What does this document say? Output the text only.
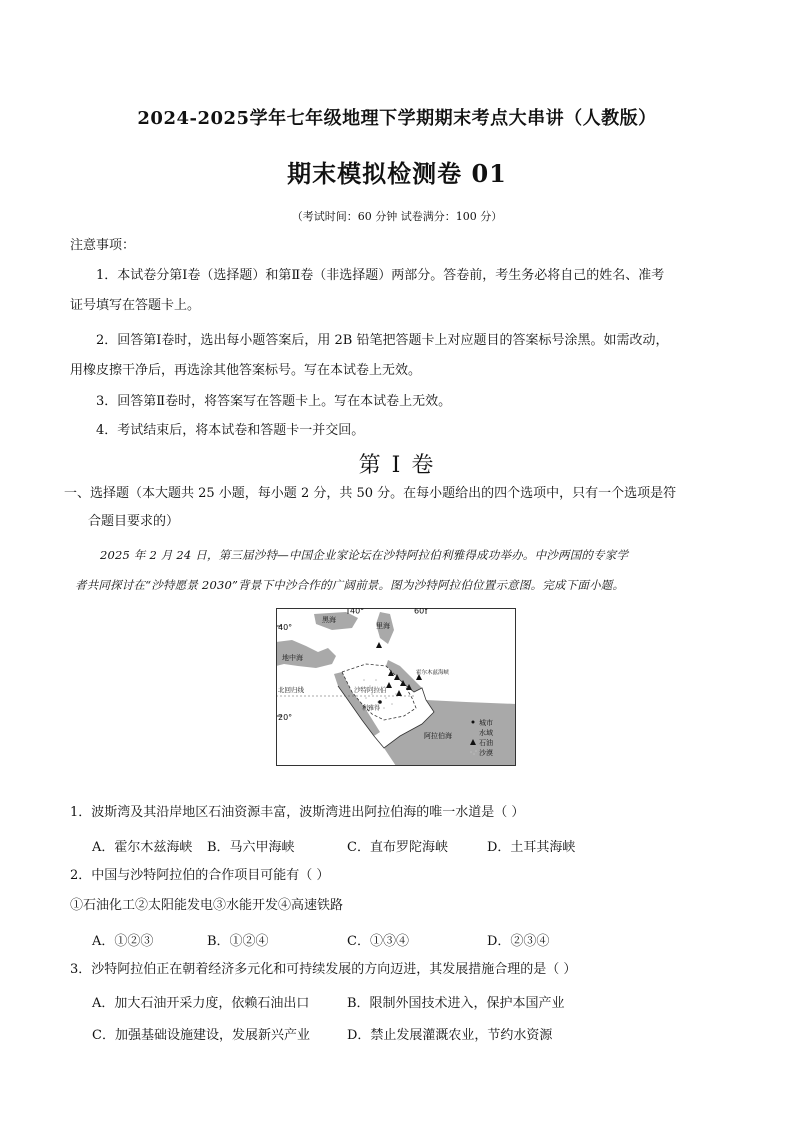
2024-2025学年七年级地理下学期期末考点大串讲（人教版）
期末模拟检测卷 01
（考试时间：60 分钟 试卷满分：100 分）
注意事项：
1．本试卷分第Ⅰ卷（选择题）和第Ⅱ卷（非选择题）两部分。答卷前，考生务必将自己的姓名、准考
证号填写在答题卡上。
2．回答第Ⅰ卷时，选出每小题答案后，用 2B 铅笔把答题卡上对应题目的答案标号涂黑。如需改动，
用橡皮擦干净后，再选涂其他答案标号。写在本试卷上无效。
3．回答第Ⅱ卷时，将答案写在答题卡上。写在本试卷上无效。
4．考试结束后，将本试卷和答题卡一并交回。
第 I 卷
一、选择题（本大题共 25 小题，每小题 2 分，共 50 分。在每小题给出的四个选项中，只有一个选项是符
合题目要求的）
2025 年 2 月 24 日，第三届沙特—中国企业家论坛在沙特阿拉伯利雅得成功举办。中沙两国的专家学
者共同探讨在“沙特愿景 2030”背景下中沙合作的广阔前景。图为沙特阿拉伯位置示意图。完成下面小题。
40°	60°
40°
20°
黑海
地中海
里海
北回归线	沙特阿拉伯
利雅得
霍尔木兹海峡
阿拉伯海
城市
水域
石油
沙漠
1．波斯湾及其沿岸地区石油资源丰富，波斯湾进出阿拉伯海的唯一水道是（ ）
A．霍尔木兹海峡 B．马六甲海峡	C．直布罗陀海峡	D．土耳其海峡
2．中国与沙特阿拉伯的合作项目可能有（ ）
①石油化工②太阳能发电③水能开发④高速铁路
A．①②③	B．①②④	C．①③④	D．②③④
3．沙特阿拉伯正在朝着经济多元化和可持续发展的方向迈进，其发展措施合理的是（ ）
A．加大石油开采力度，依赖石油出口	B．限制外国技术进入，保护本国产业
C．加强基础设施建设，发展新兴产业	D．禁止发展灌溉农业，节约水资源
